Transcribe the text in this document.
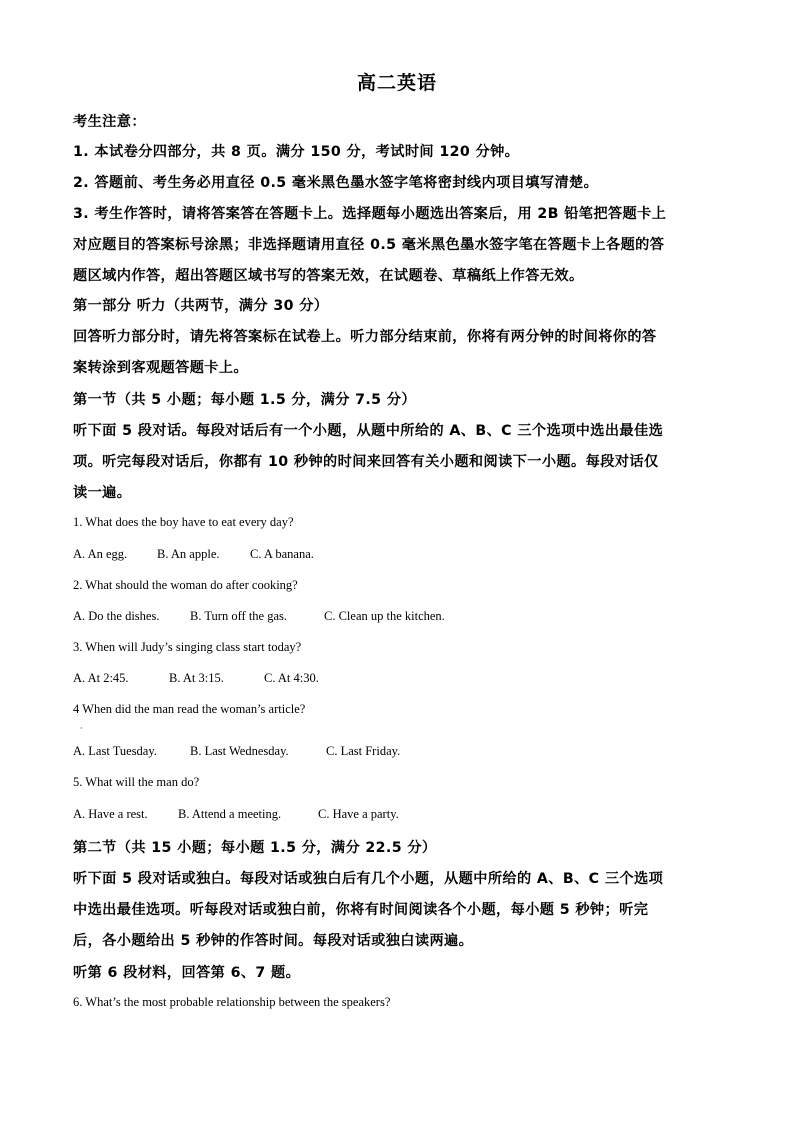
高二英语
考生注意：
1. 本试卷分四部分，共 8 页。满分 150 分，考试时间 120 分钟。
2. 答题前、考生务必用直径 0.5 毫米黑色墨水签字笔将密封线内项目填写清楚。
3. 考生作答时，请将答案答在答题卡上。选择题每小题选出答案后，用 2B 铅笔把答题卡上
对应题目的答案标号涂黑；非选择题请用直径 0.5 毫米黑色墨水签字笔在答题卡上各题的答
题区域内作答，超出答题区域书写的答案无效，在试题卷、草稿纸上作答无效。
第一部分 听力（共两节，满分 30 分）
回答听力部分时，请先将答案标在试卷上。听力部分结束前，你将有两分钟的时间将你的答
案转涂到客观题答题卡上。
第一节（共 5 小题；每小题 1.5 分，满分 7.5 分）
听下面 5 段对话。每段对话后有一个小题，从题中所给的 A、B、C 三个选项中选出最佳选
项。听完每段对话后，你都有 10 秒钟的时间来回答有关小题和阅读下一小题。每段对话仅
读一遍。
1. What does the boy have to eat every day?
A. An egg. B. An apple. C. A banana.
2. What should the woman do after cooking?
A. Do the dishes. B. Turn off the gas.	C. Clean up the kitchen.
3. When will Judy’s singing class start today?
A. At 2:45.	B. At 3:15.	C. At 4:30.
4 When did the man read the woman’s article?
·
A. Last Tuesday.	B. Last Wednesday.	C. Last Friday.
5. What will the man do?
A. Have a rest. B. Attend a meeting.	C. Have a party.
第二节（共 15 小题；每小题 1.5 分，满分 22.5 分）
听下面 5 段对话或独白。每段对话或独白后有几个小题，从题中所给的 A、B、C 三个选项
中选出最佳选项。听每段对话或独白前，你将有时间阅读各个小题，每小题 5 秒钟；听完
后，各小题给出 5 秒钟的作答时间。每段对话或独白读两遍。
听第 6 段材料，回答第 6、7 题。
6. What’s the most probable relationship between the speakers?
